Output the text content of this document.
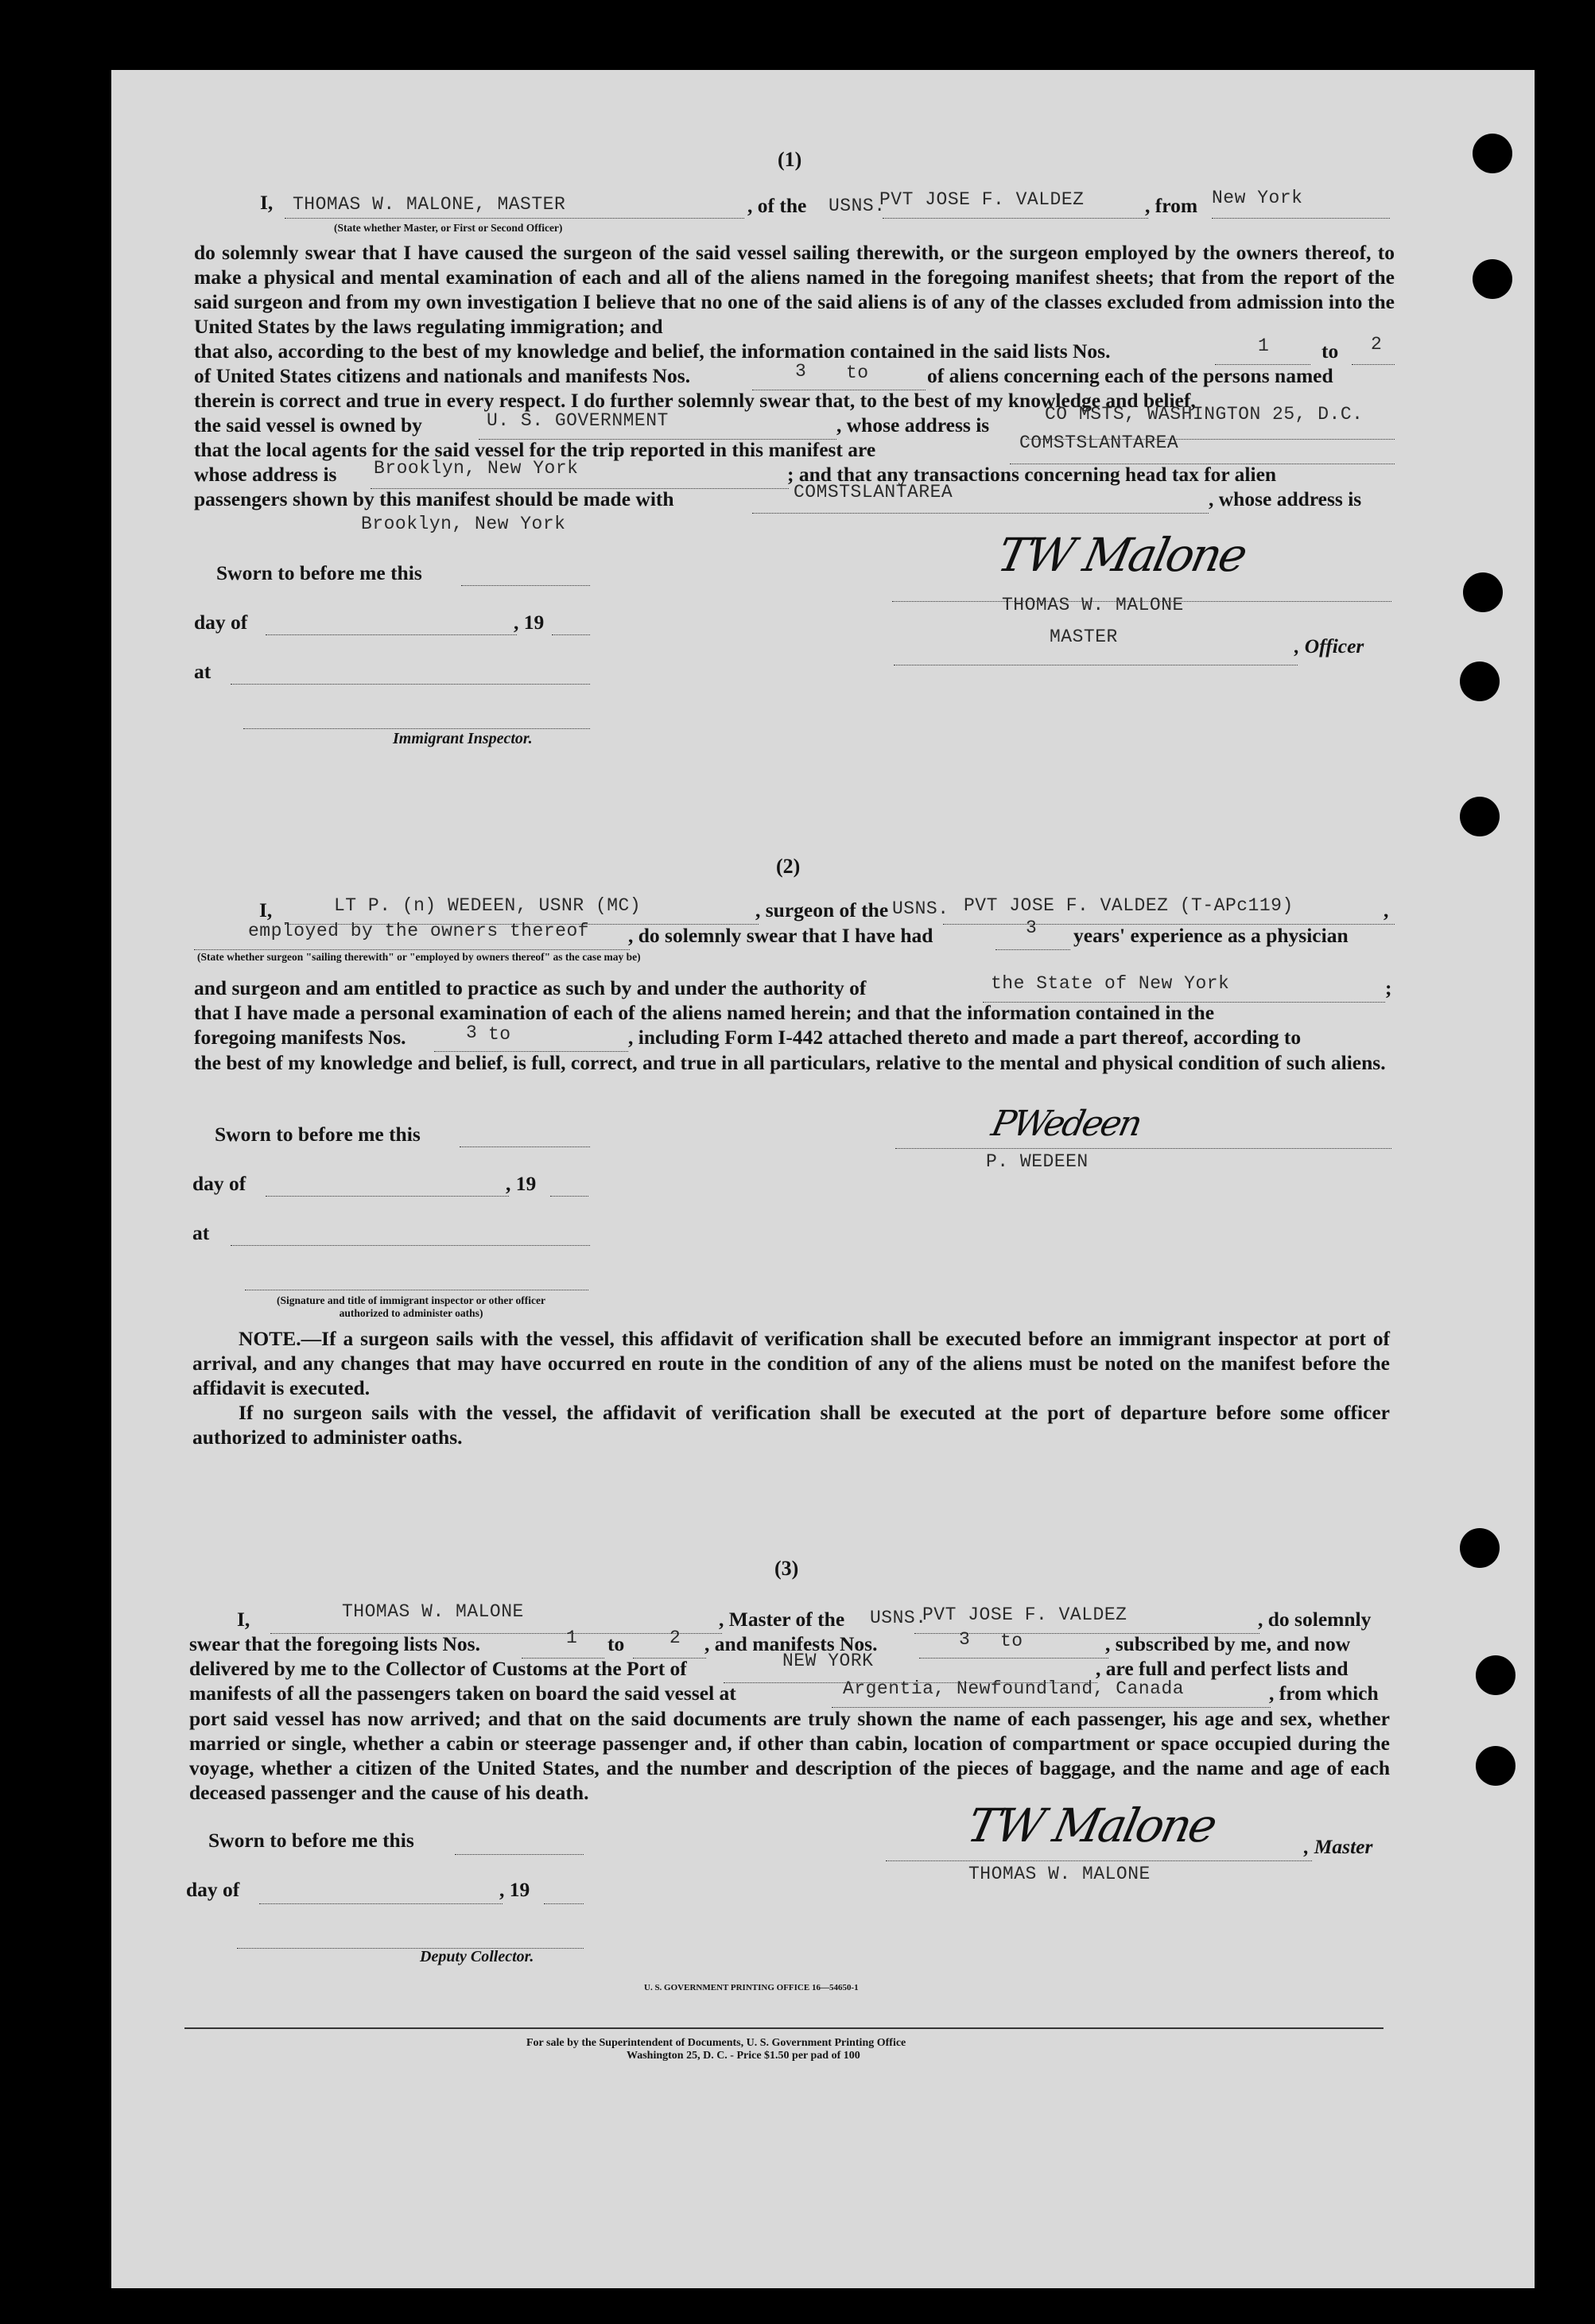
(1)
I, THOMAS W. MALONE, MASTER	, of the USNS.
PVT JOSE F. VALDEZ	, from New York
(State whether Master, or First or Second Officer)

do solemnly swear that I have caused the surgeon of the said vessel sailing therewith, or the surgeon employed by the owners thereof, to make a physical and mental examination of each and all of the aliens named in the foregoing manifest sheets; that from the report of the said surgeon and from my own investigation I believe that no one of the said aliens is of any of the classes excluded from admission into the United States by the laws regulating immigration; and

that also, according to the best of my knowledge and belief, the information contained in the said lists Nos.	1	to 2
of United States citizens and nationals and manifests Nos.	3 to	of aliens concerning each of the persons named
therein is correct and true in every respect. I do further solemnly swear that, to the best of my knowledge and belief,
the said vessel is owned by	U. S. GOVERNMENT	, whose address is	CO MSTS, WASHINGTON 25, D.C.
that the local agents for the said vessel for the trip reported in this manifest are	COMSTSLANTAREA
whose address is Brooklyn, New York	; and that any transactions concerning head tax for alien
passengers shown by this manifest should be made with	COMSTSLANTAREA	, whose address is
Brooklyn, New York
Sworn to before me this
day of	, 19
at
Immigrant Inspector.
TW Malone
THOMAS W. MALONE
MASTER	, Officer
(2)
I,	LT P. (n) WEDEEN, USNR (MC)	, surgeon of the USNS. PVT JOSE F. VALDEZ (T-APc119)	,
employed by the owners thereof , do solemnly swear that I have had	3 years' experience as a physician
(State whether surgeon "sailing therewith" or "employed by owners thereof" as the case may be)
and surgeon and am entitled to practice as such by and under the authority of	the State of New York	;
that I have made a personal examination of each of the aliens named herein; and that the information contained in the
foregoing manifests Nos.	3 to	, including Form I-442 attached thereto and made a part thereof, according to

the best of my knowledge and belief, is full, correct, and true in all particulars, relative to the mental and physical condition of such aliens.

Sworn to before me this
day of	, 19
at
(Signature and title of immigrant inspector or other officer authorized to administer oaths)
PWedeen
P. WEDEEN

NOTE.—If a surgeon sails with the vessel, this affidavit of verification shall be executed before an immigrant inspector at port of arrival, and any changes that may have occurred en route in the condition of any of the aliens must be noted on the manifest before the affidavit is executed.

If no surgeon sails with the vessel, the affidavit of verification shall be executed at the port of departure before some officer authorized to administer oaths.

(3)
I,	THOMAS W. MALONE	, Master of the USNS.
PVT JOSE F. VALDEZ	, do solemnly
swear that the foregoing lists Nos.	1 to 2 , and manifests Nos.	3 to	, subscribed by me, and now
delivered by me to the Collector of Customs at the Port of	NEW YORK	, are full and perfect lists and
manifests of all the passengers taken on board the said vessel at	Argentia, Newfoundland, Canada	, from which

port said vessel has now arrived; and that on the said documents are truly shown the name of each passenger, his age and sex, whether married or single, whether a cabin or steerage passenger and, if other than cabin, location of compartment or space occupied during the voyage, whether a citizen of the United States, and the number and description of the pieces of baggage, and the name and age of each deceased passenger and the cause of his death.

Sworn to before me this
day of	, 19
Deputy Collector.
TW Malone	, Master
THOMAS W. MALONE
U. S. GOVERNMENT PRINTING OFFICE 16—54650-1
For sale by the Superintendent of Documents, U. S. Government Printing Office
Washington 25, D. C. - Price $1.50 per pad of 100
